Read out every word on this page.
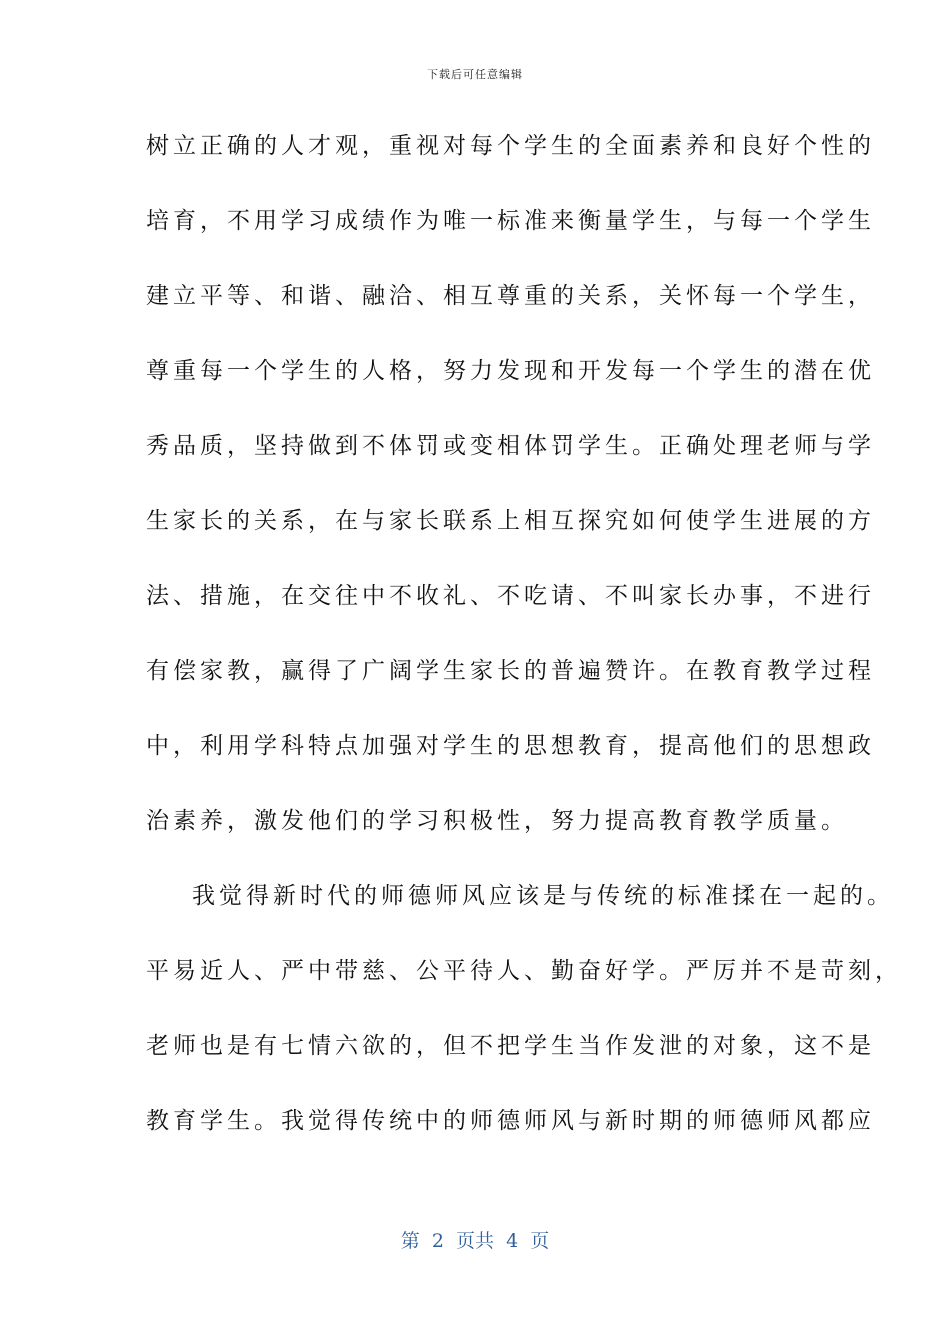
下载后可任意编辑
树立正确的人才观，重视对每个学生的全面素养和良好个性的
培育，不用学习成绩作为唯一标准来衡量学生，与每一个学生
建立平等、和谐、融洽、相互尊重的关系，关怀每一个学生，
尊重每一个学生的人格，努力发现和开发每一个学生的潜在优
秀品质，坚持做到不体罚或变相体罚学生。正确处理老师与学
生家长的关系，在与家长联系上相互探究如何使学生进展的方
法、措施，在交往中不收礼、不吃请、不叫家长办事，不进行
有偿家教，赢得了广阔学生家长的普遍赞许。在教育教学过程
中，利用学科特点加强对学生的思想教育，提高他们的思想政
治素养，激发他们的学习积极性，努力提高教育教学质量。
我觉得新时代的师德师风应该是与传统的标准揉在一起的。
平易近人、严中带慈、公平待人、勤奋好学。严厉并不是苛刻，
老师也是有七情六欲的，但不把学生当作发泄的对象，这不是
教育学生。我觉得传统中的师德师风与新时期的师德师风都应
第  2  页共  4  页
